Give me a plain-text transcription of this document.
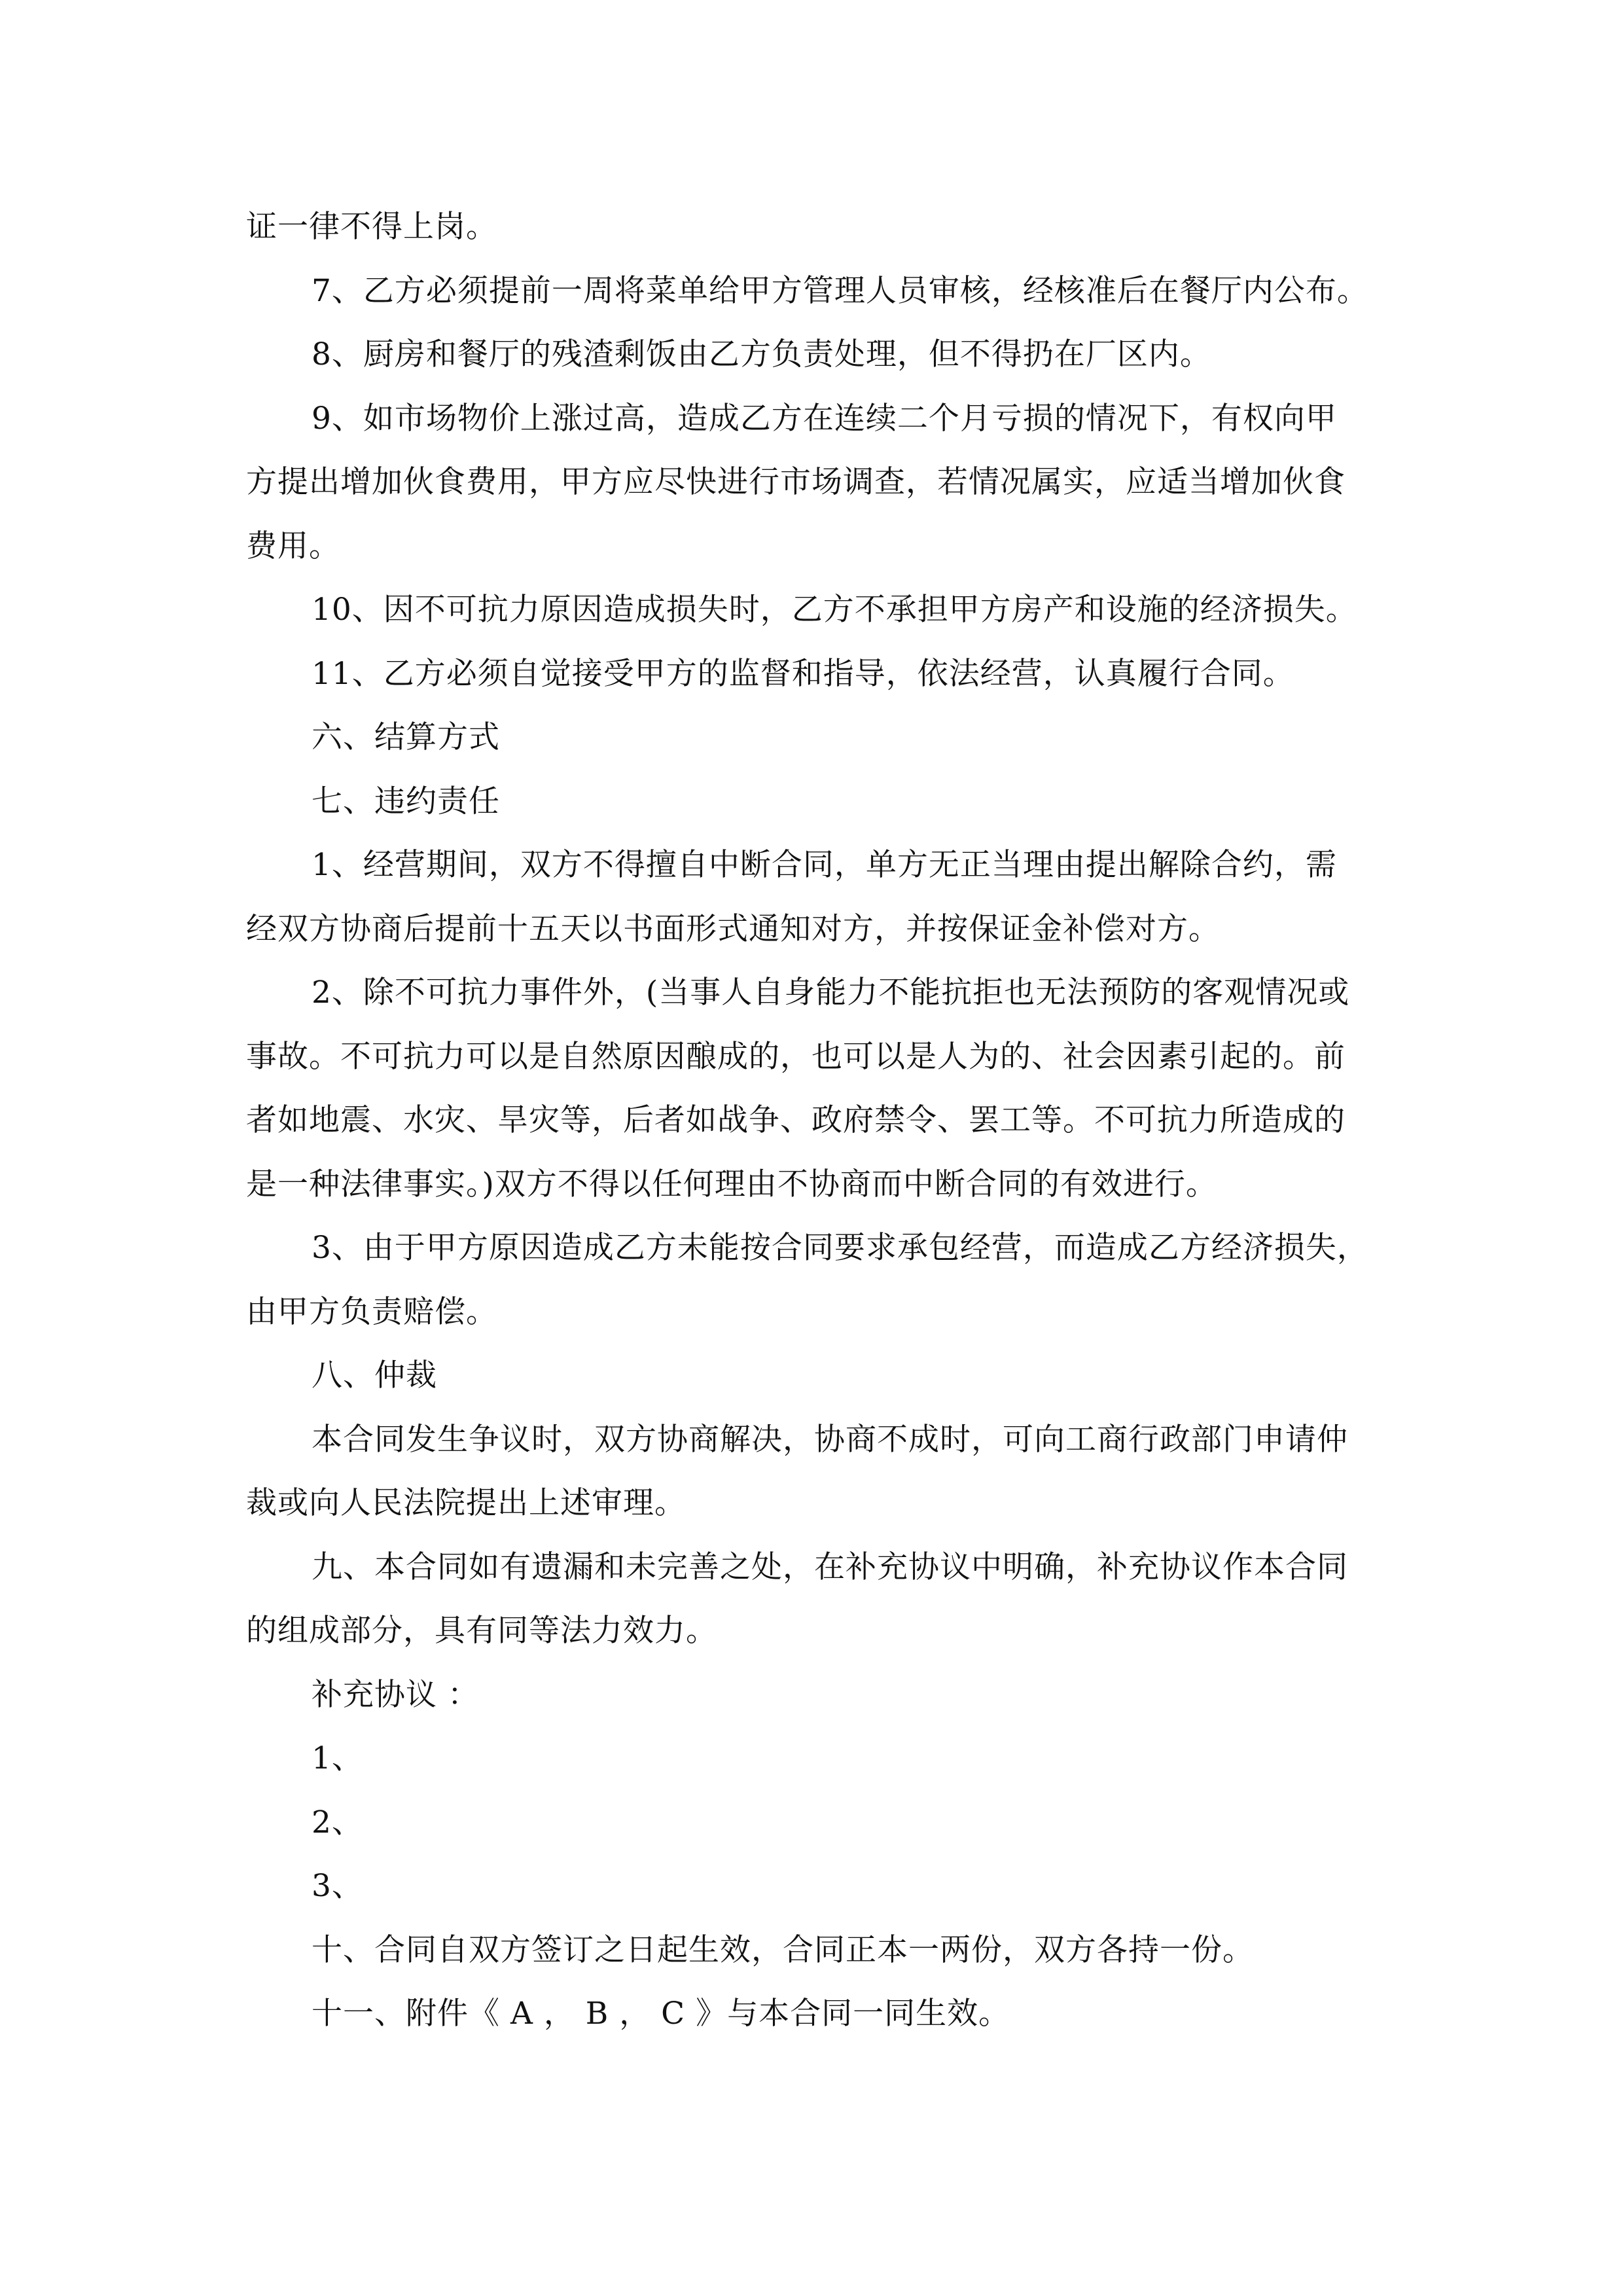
证一律不得上岗。
7、乙方必须提前一周将菜单给甲方管理人员审核，经核准后在餐厅内公布。
8、厨房和餐厅的残渣剩饭由乙方负责处理，但不得扔在厂区内。
9、如市场物价上涨过高，造成乙方在连续二个月亏损的情况下，有权向甲
方提出增加伙食费用，甲方应尽快进行市场调查，若情况属实，应适当增加伙食
费用。
10、因不可抗力原因造成损失时，乙方不承担甲方房产和设施的经济损失。
11、乙方必须自觉接受甲方的监督和指导，依法经营，认真履行合同。
六、结算方式
七、违约责任
1、经营期间，双方不得擅自中断合同，单方无正当理由提出解除合约，需
经双方协商后提前十五天以书面形式通知对方，并按保证金补偿对方。
2、除不可抗力事件外，(当事人自身能力不能抗拒也无法预防的客观情况或
事故。不可抗力可以是自然原因酿成的，也可以是人为的、社会因素引起的。前
者如地震、水灾、旱灾等，后者如战争、政府禁令、罢工等。不可抗力所造成的
是一种法律事实。)双方不得以任何理由不协商而中断合同的有效进行。
3、由于甲方原因造成乙方未能按合同要求承包经营，而造成乙方经济损失，
由甲方负责赔偿。
八、仲裁
本合同发生争议时，双方协商解决，协商不成时，可向工商行政部门申请仲
裁或向人民法院提出上述审理。
九、本合同如有遗漏和未完善之处，在补充协议中明确，补充协议作本合同
的组成部分，具有同等法力效力。
补充协议 ：
1、
2、
3、
十、合同自双方签订之日起生效，合同正本一两份，双方各持一份。
十一、附件《 A ， B ， C 》与本合同一同生效。
